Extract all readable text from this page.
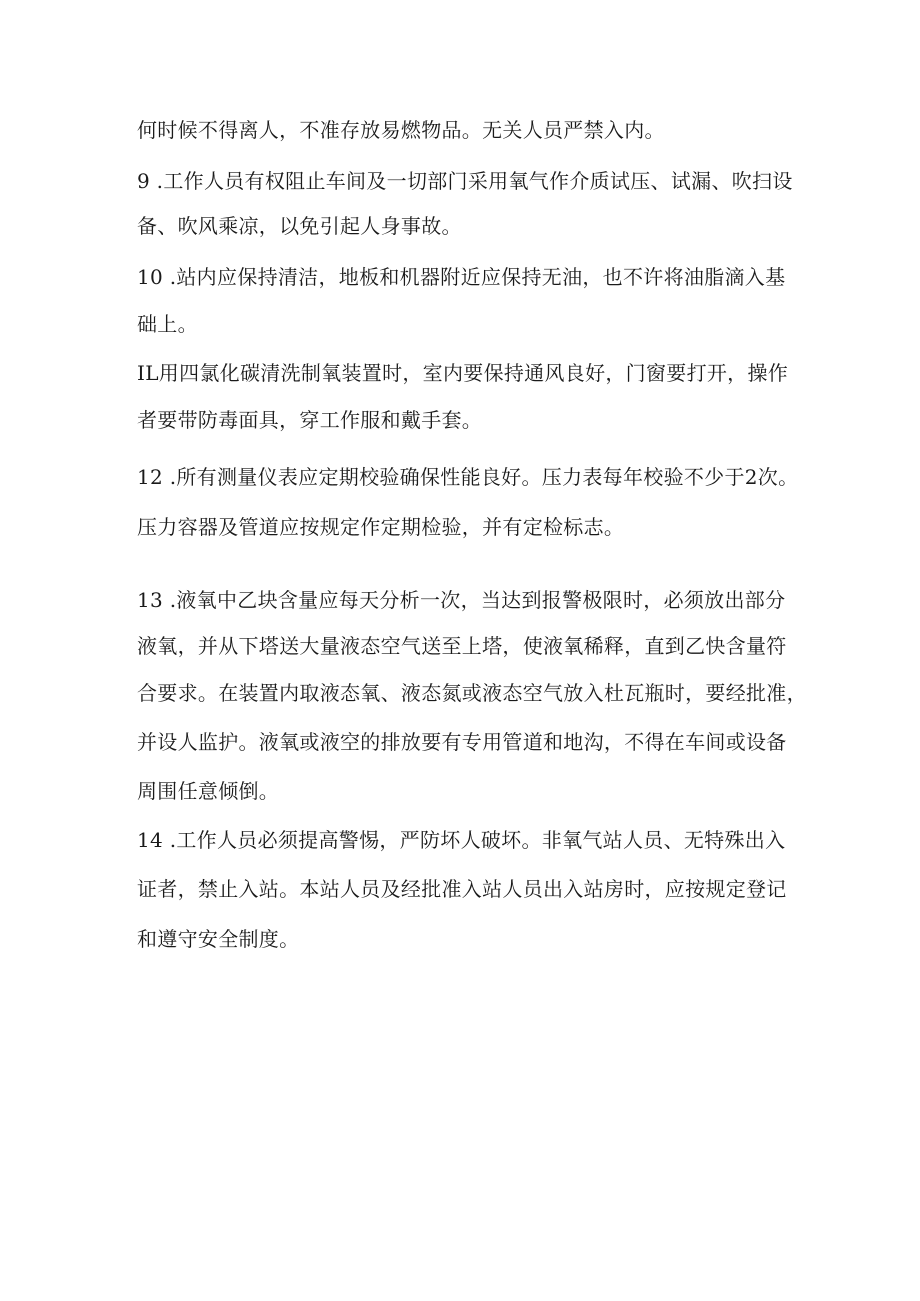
何时候不得离人，不准存放易燃物品。无关人员严禁入内。
9 .工作人员有权阻止车间及一切部门采用氧气作介质试压、试漏、吹扫设
备、吹风乘凉，以免引起人身事故。
10 .站内应保持清洁，地板和机器附近应保持无油，也不许将油脂滴入基
础上。
IL用四氯化碳清洗制氧装置时，室内要保持通风良好，门窗要打开，操作
者要带防毒面具，穿工作服和戴手套。
12 .所有测量仪表应定期校验确保性能良好。压力表每年校验不少于2次。
压力容器及管道应按规定作定期检验，并有定检标志。
13 .液氧中乙块含量应每天分析一次，当达到报警极限时，必须放出部分
液氧，并从下塔送大量液态空气送至上塔，使液氧稀释，直到乙快含量符
合要求。在装置内取液态氧、液态氮或液态空气放入杜瓦瓶时，要经批准，
并设人监护。液氧或液空的排放要有专用管道和地沟，不得在车间或设备
周围任意倾倒。
14 .工作人员必须提高警惕，严防坏人破坏。非氧气站人员、无特殊出入
证者，禁止入站。本站人员及经批准入站人员出入站房时，应按规定登记
和遵守安全制度。
